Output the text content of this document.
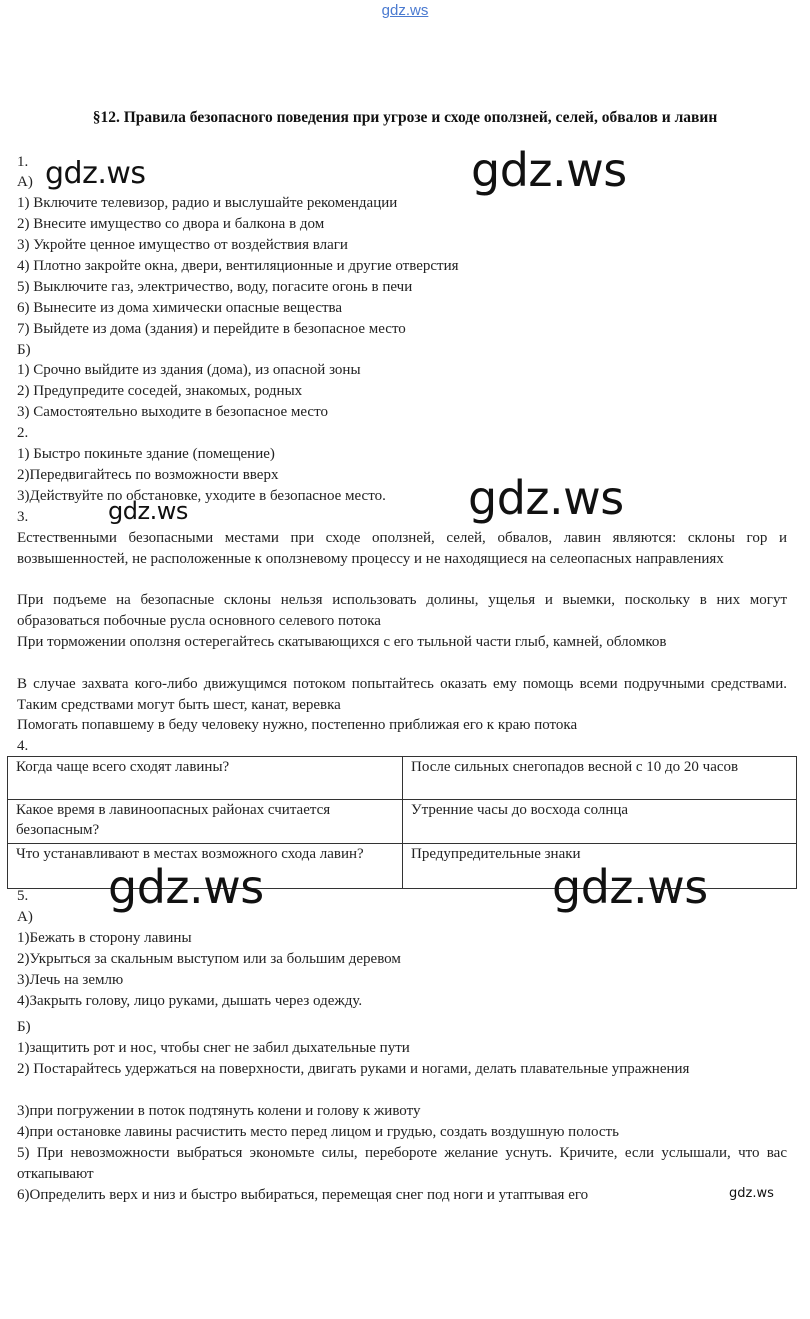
gdz.ws
§12. Правила безопасного поведения при угрозе и сходе оползней, селей, обвалов и лавин
1.
А)
1) Включите телевизор, радио и выслушайте рекомендации
2) Внесите имущество со двора и балкона в дом
3) Укройте ценное имущество от воздействия влаги
4) Плотно закройте окна, двери, вентиляционные и другие отверстия
5) Выключите газ, электричество, воду, погасите огонь в печи
6) Вынесите из дома химически опасные вещества
7) Выйдете из дома (здания) и перейдите в безопасное место
Б)
1) Срочно выйдите из здания (дома), из опасной зоны
2) Предупредите соседей, знакомых, родных
3) Самостоятельно выходите в безопасное место
2.
1) Быстро покиньте здание (помещение)
2)Передвигайтесь по возможности вверх
3)Действуйте по обстановке, уходите в безопасное место.
3.
Естественными безопасными местами при сходе оползней, селей, обвалов, лавин являются: склоны гор и возвышенностей, не расположенные к оползневому процессу и не находящиеся на селеопасных направлениях
При подъеме на безопасные склоны нельзя использовать долины, ущелья и выемки, поскольку в них могут образоваться побочные русла основного селевого потока
При торможении оползня остерегайтесь скатывающихся с его тыльной части глыб, камней, обломков
В случае захвата кого-либо движущимся потоком попытайтесь оказать ему помощь всеми подручными средствами. Таким средствами могут быть шест, канат, веревка
Помогать попавшему в беду человеку нужно, постепенно приближая его к краю потока
4.
Когда чаще всего сходят лавины?	После сильных снегопадов весной с 10 до 20 часов
Какое время в лавиноопасных районах считается безопасным?	Утренние часы до восхода солнца
Что устанавливают в местах возможного схода лавин?	Предупредительные знаки
5.
А)
1)Бежать в сторону лавины
2)Укрыться за скальным выступом или за большим деревом
3)Лечь на землю
4)Закрыть голову, лицо руками, дышать через одежду.
Б)
1)защитить рот и нос, чтобы снег не забил дыхательные пути
2) Постарайтесь удержаться на поверхности, двигать руками и ногами, делать плавательные упражнения
3)при погружении в поток подтянуть колени и голову к животу
4)при остановке лавины расчистить место перед лицом и грудью, создать воздушную полость
5) При невозможности выбраться экономьте силы, перебороте желание уснуть. Кричите, если услышали, что вас откапывают
6)Определить верх и низ и быстро выбираться, перемещая снег под ноги и утаптывая его
gdz.ws	gdz.ws
gdz.ws
gdz.ws
gdz.ws	gdz.ws
gdz.ws
